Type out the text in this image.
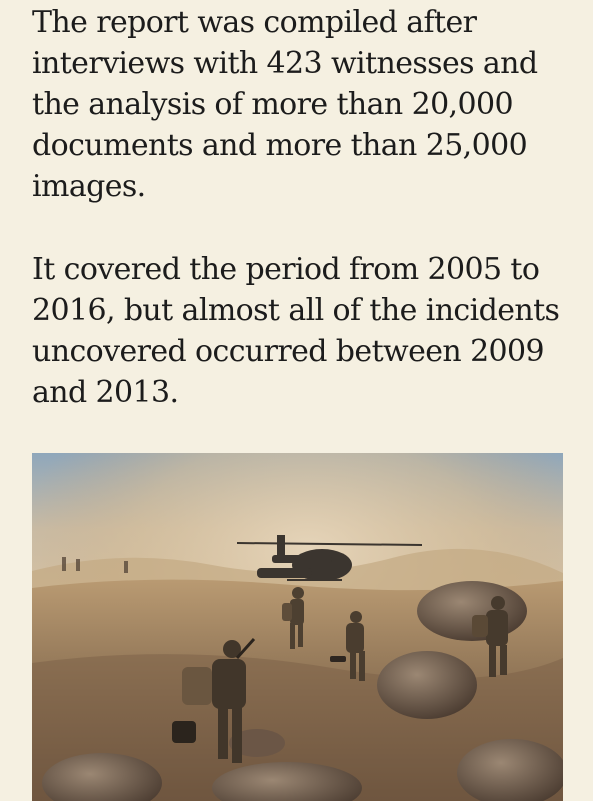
The report was compiled after interviews with 423 witnesses and the analysis of more than 20,000 documents and more than 25,000 images.

It covered the period from 2005 to 2016, but almost all of the incidents uncovered occurred between 2009 and 2013.
